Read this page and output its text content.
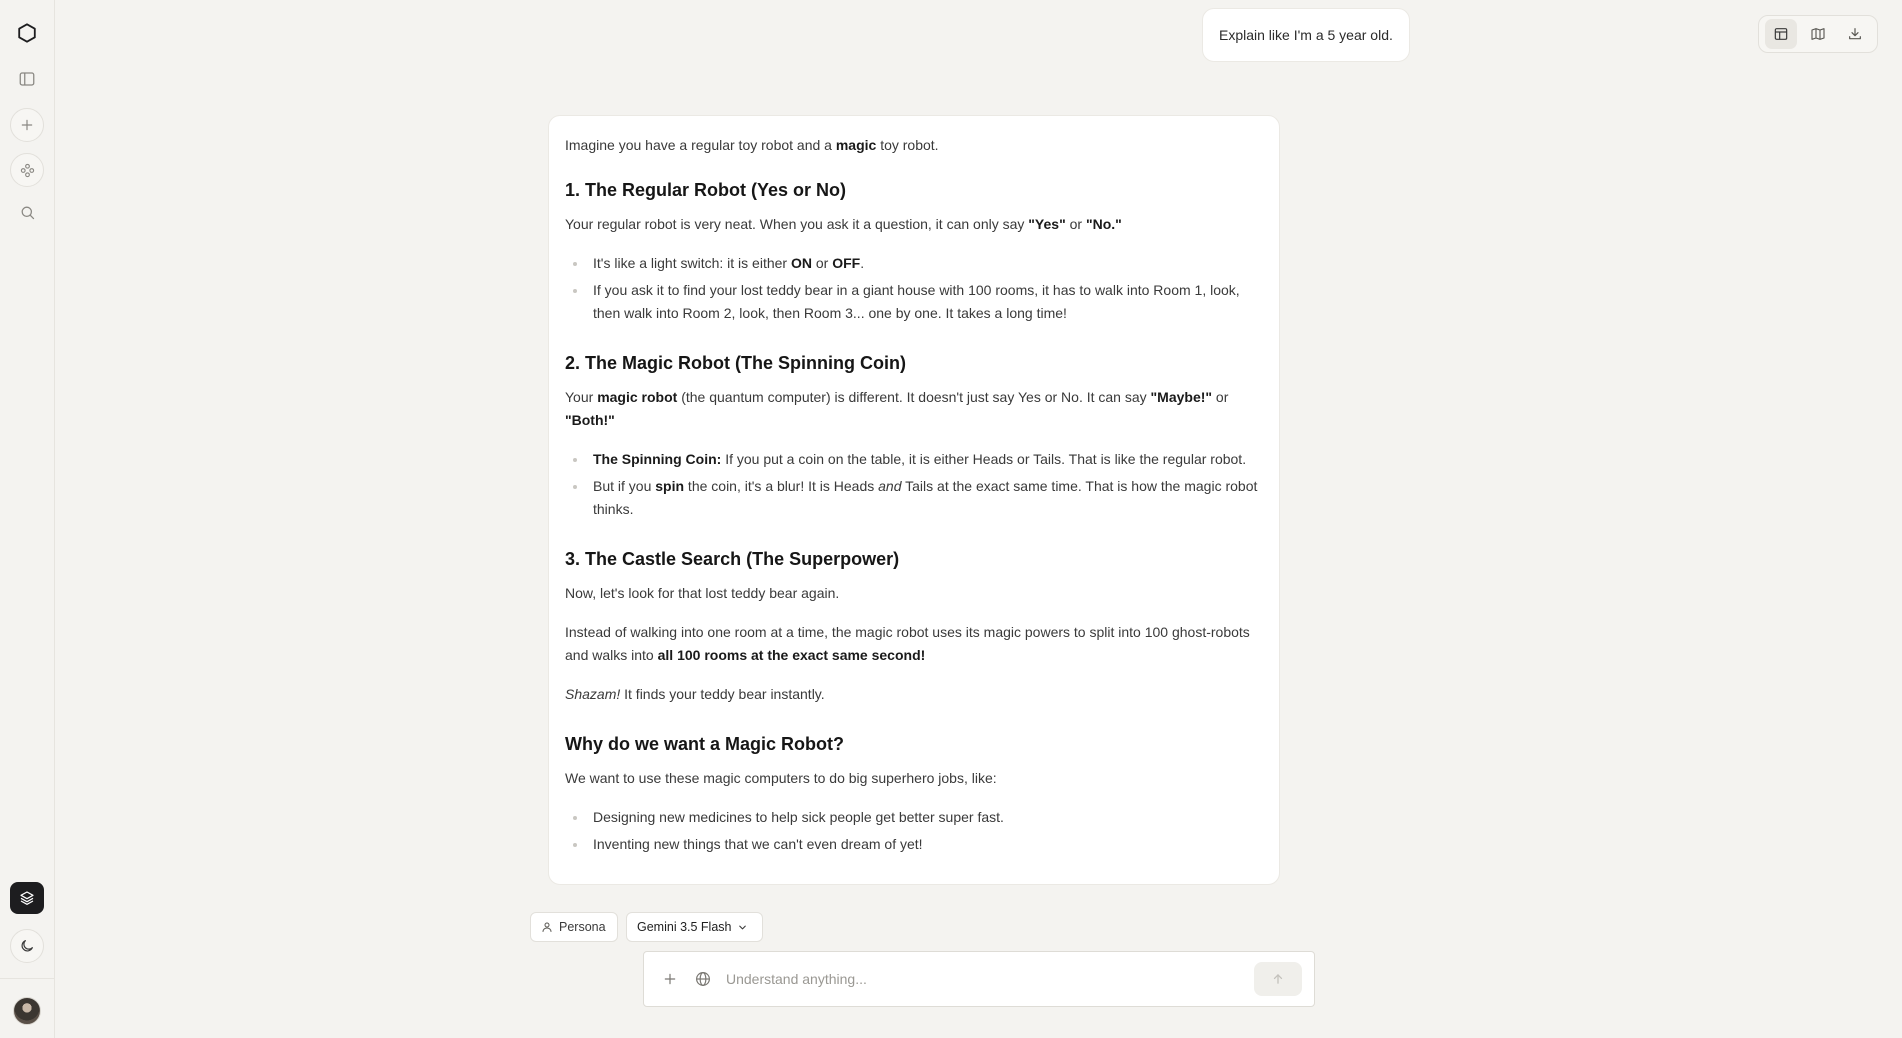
Explain like I'm a 5 year old.

Imagine you have a regular toy robot and a magic toy robot.

1. The Regular Robot (Yes or No)

Your regular robot is very neat. When you ask it a question, it can only say "Yes" or "No."

It's like a light switch: it is either ON or OFF.
If you ask it to find your lost teddy bear in a giant house with 100 rooms, it has to walk into Room 1, look, then walk into Room 2, look, then Room 3... one by one. It takes a long time!
2. The Magic Robot (The Spinning Coin)

Your magic robot (the quantum computer) is different. It doesn't just say Yes or No. It can say "Maybe!" or "Both!"

The Spinning Coin: If you put a coin on the table, it is either Heads or Tails. That is like the regular robot.
But if you spin the coin, it's a blur! It is Heads and Tails at the exact same time. That is how the magic robot thinks.
3. The Castle Search (The Superpower)

Now, let's look for that lost teddy bear again.

Instead of walking into one room at a time, the magic robot uses its magic powers to split into 100 ghost-robots and walks into all 100 rooms at the exact same second!

Shazam! It finds your teddy bear instantly.

Why do we want a Magic Robot?

We want to use these magic computers to do big superhero jobs, like:

Designing new medicines to help sick people get better super fast.
Inventing new things that we can't even dream of yet!
Persona	Gemini 3.5 Flash
Understand anything...
